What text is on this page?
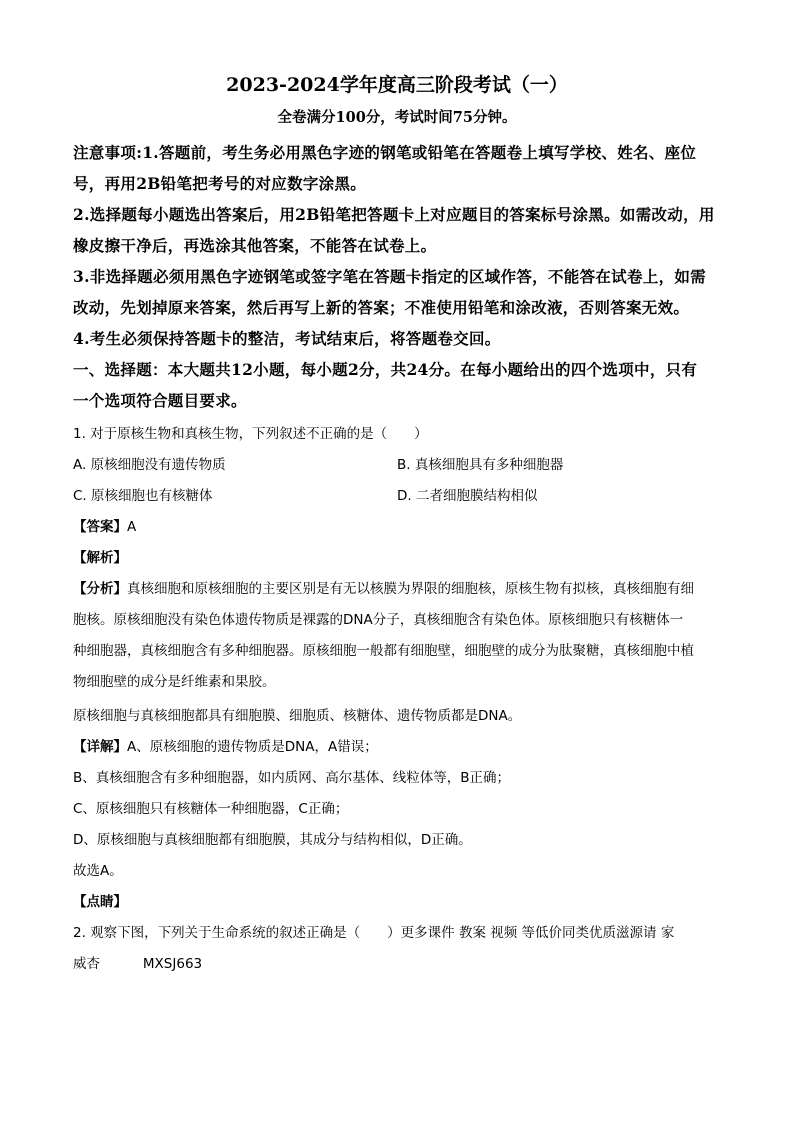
2023-2024学年度高三阶段考试（一）
全卷满分100分，考试时间75分钟。
注意事项:1.答题前，考生务必用黑色字迹的钢笔或铅笔在答题卷上填写学校、姓名、座位
号，再用2B铅笔把考号的对应数字涂黑。
2.选择题每小题选出答案后，用2B铅笔把答题卡上对应题目的答案标号涂黑。如需改动，用
橡皮擦干净后，再选涂其他答案，不能答在试卷上。
3.非选择题必须用黑色字迹钢笔或签字笔在答题卡指定的区域作答，不能答在试卷上，如需
改动，先划掉原来答案，然后再写上新的答案；不准使用铅笔和涂改液，否则答案无效。
4.考生必须保持答题卡的整洁，考试结束后，将答题卷交回。
一、选择题：本大题共12小题，每小题2分，共24分。在每小题给出的四个选项中，只有
一个选项符合题目要求。
1. 对于原核生物和真核生物，下列叙述不正确的是（　　）
A. 原核细胞没有遗传物质	B. 真核细胞具有多种细胞器
C. 原核细胞也有核糖体	D. 二者细胞膜结构相似
【答案】A
【解析】
【分析】真核细胞和原核细胞的主要区别是有无以核膜为界限的细胞核，原核生物有拟核，真核细胞有细
胞核。原核细胞没有染色体遗传物质是裸露的DNA分子，真核细胞含有染色体。原核细胞只有核糖体一
种细胞器，真核细胞含有多种细胞器。原核细胞一般都有细胞壁，细胞壁的成分为肽聚糖，真核细胞中植
物细胞壁的成分是纤维素和果胶。
原核细胞与真核细胞都具有细胞膜、细胞质、核糖体、遗传物质都是DNA。
【详解】A、原核细胞的遗传物质是DNA，A错误；
B、真核细胞含有多种细胞器，如内质网、高尔基体、线粒体等，B正确；
C、原核细胞只有核糖体一种细胞器，C正确；
D、原核细胞与真核细胞都有细胞膜，其成分与结构相似，D正确。
故选A。
【点睛】
2. 观察下图，下列关于生命系统的叙述正确是（　　）更多课件 教案 视频 等低价同类优质滋源请 家
威杏          MXSJ663
